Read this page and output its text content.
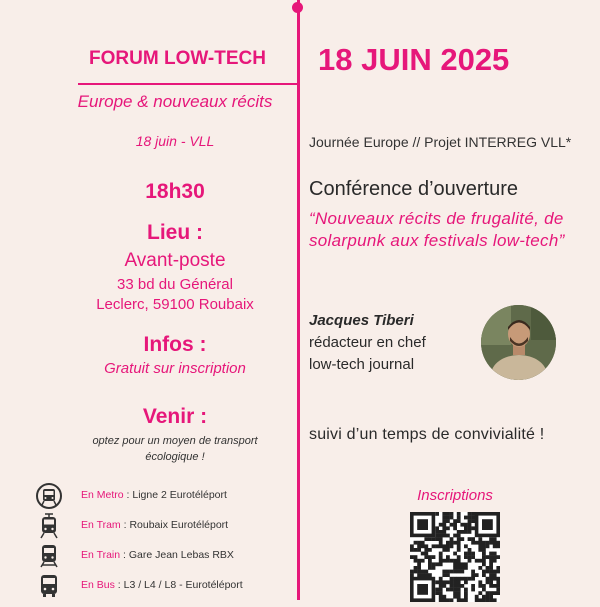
FORUM LOW-TECH	18 JUIN 2025
Europe & nouveaux récits
18 juin - VLL	Journée Europe // Projet INTERREG VLL*
18h30	Conférence d’ouverture
“Nouveaux récits de frugalité, de solarpunk aux festivals low-tech”
Lieu :
Avant-poste
33 bd du Général
Leclerc, 59100 Roubaix
Jacques Tiberi
rédacteur en chef
low-tech journal
Infos :
Gratuit sur inscription
Venir :
optez pour un moyen de transport
écologique !
suivi d’un temps de convivialité !
Inscriptions
En Metro : Ligne 2 Eurotéléport
En Tram : Roubaix Eurotéléport
En Train : Gare Jean Lebas RBX
En Bus : L3 / L4 / L8 - Eurotéléport
